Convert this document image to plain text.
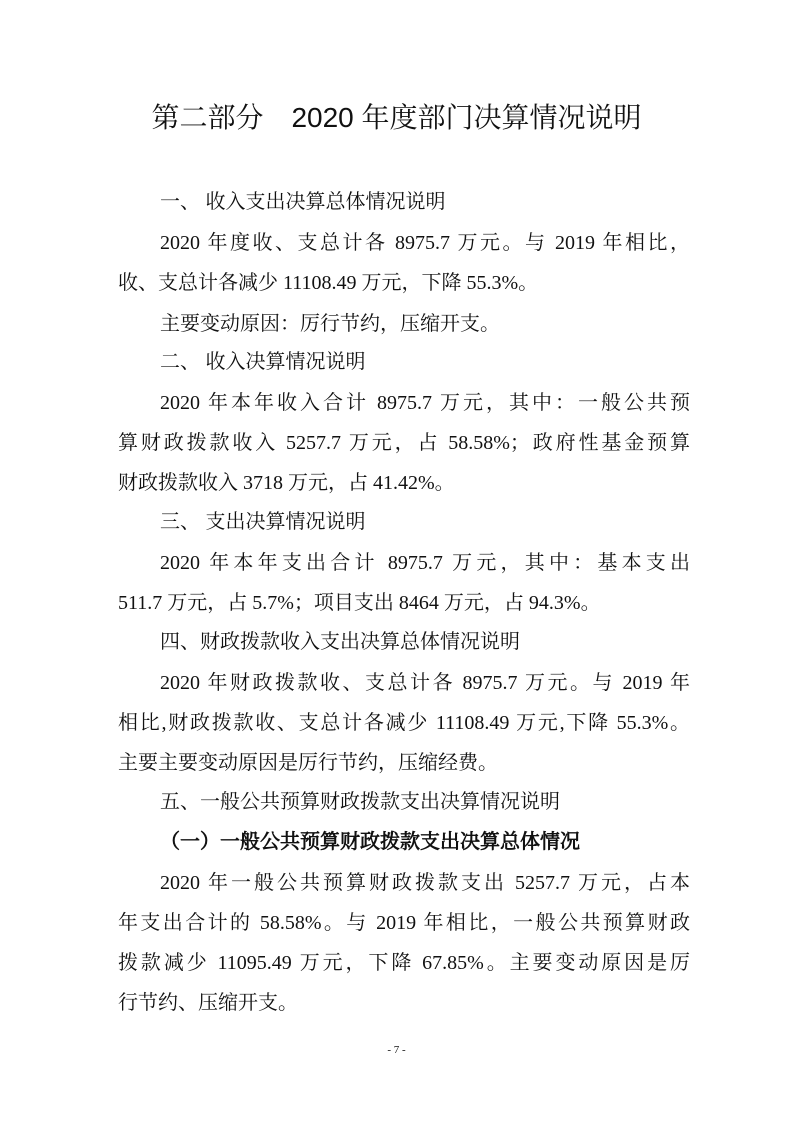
第二部分　2020 年度部门决算情况说明
一、 收入支出决算总体情况说明
2020 年度收、支总计各 8975.7 万元。与 2019 年相比，
收、支总计各减少 11108.49 万元，下降 55.3%。
主要变动原因：厉行节约，压缩开支。
二、 收入决算情况说明
2020 年本年收入合计 8975.7 万元，其中：一般公共预
算财政拨款收入 5257.7 万元，占 58.58%；政府性基金预算
财政拨款收入 3718 万元，占 41.42%。
三、 支出决算情况说明
2020 年本年支出合计 8975.7 万元，其中：基本支出
511.7 万元，占 5.7%；项目支出 8464 万元，占 94.3%。
四、财政拨款收入支出决算总体情况说明
2020 年财政拨款收、支总计各 8975.7 万元。与 2019 年
相比,财政拨款收、支总计各减少 11108.49 万元,下降 55.3%。
主要主要变动原因是厉行节约，压缩经费。
五、一般公共预算财政拨款支出决算情况说明
（一）一般公共预算财政拨款支出决算总体情况
2020 年一般公共预算财政拨款支出 5257.7 万元，占本
年支出合计的 58.58%。与 2019 年相比，一般公共预算财政
拨款减少 11095.49 万元，下降 67.85%。主要变动原因是厉
行节约、压缩开支。
- 7 -
